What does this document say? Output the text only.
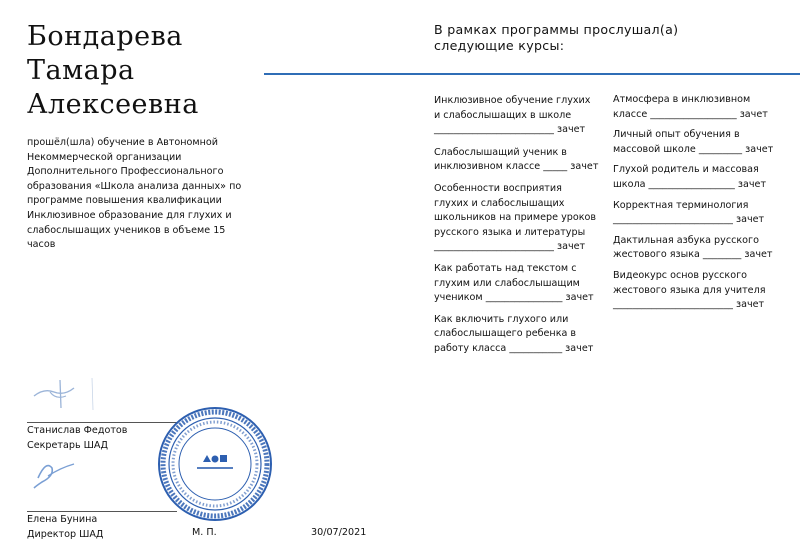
Бондарева
Тамара
Алексеевна
прошёл(шла) обучение в Автономной Некоммерческой организации Дополнительного Профессионального образования «Школа анализа данных» по программе повышения квалификации Инклюзивное образование для глухих и слабослышащих учеников в объеме 15 часов
В рамках программы прослушал(а)
следующие курсы:
Инклюзивное обучение глухих
и слабослышащих в школе
_________________________ зачет
Слабослышащий ученик в
инклюзивном классе _____ зачет
Особенности восприятия
глухих и слабослышащих
школьников на примере уроков
русского языка и литературы
_________________________ зачет
Как работать над текстом с
глухим или слабослышащим
учеником ________________ зачет
Как включить глухого или
слабослышащего ребенка в
работу класса ___________ зачет
Атмосфера в инклюзивном
классе __________________ зачет
Личный опыт обучения в
массовой школе _________ зачет
Глухой родитель и массовая
школа __________________ зачет
Корректная терминология
_________________________ зачет
Дактильная азбука русского
жестового языка ________ зачет
Видеокурс основ русского
жестового языка для учителя
_________________________ зачет
Станислав Федотов
Секретарь ШАД
Елена Бунина
Директор ШАД	М. П.	30/07/2021
